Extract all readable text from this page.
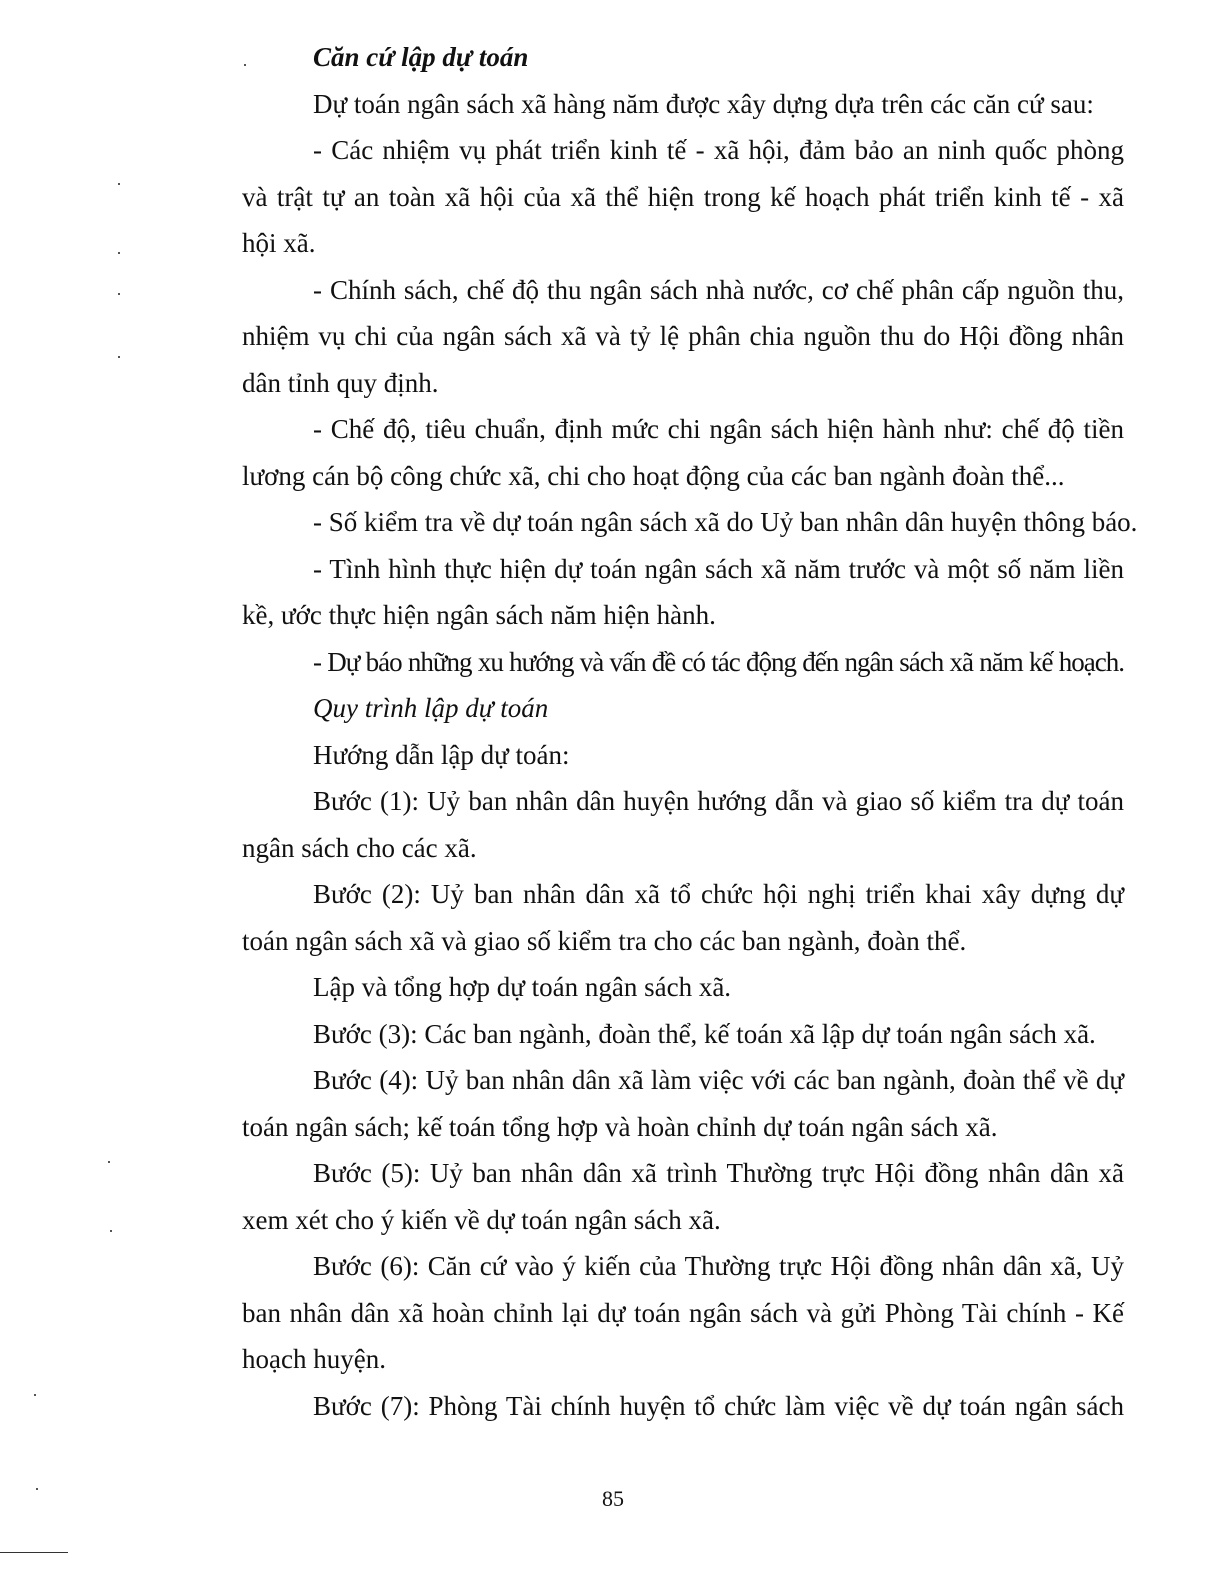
Căn cứ lập dự toán
Dự toán ngân sách xã hàng năm được xây dựng dựa trên các căn cứ sau:
- Các nhiệm vụ phát triển kinh tế - xã hội, đảm bảo an ninh quốc phòng
và trật tự an toàn xã hội của xã thể hiện trong kế hoạch phát triển kinh tế - xã
hội xã.
- Chính sách, chế độ thu ngân sách nhà nước, cơ chế phân cấp nguồn thu,
nhiệm vụ chi của ngân sách xã và tỷ lệ phân chia nguồn thu do Hội đồng nhân
dân tỉnh quy định.
- Chế độ, tiêu chuẩn, định mức chi ngân sách hiện hành như: chế độ tiền
lương cán bộ công chức xã, chi cho hoạt động của các ban ngành đoàn thể...
- Số kiểm tra về dự toán ngân sách xã do Uỷ ban nhân dân huyện thông báo.
- Tình hình thực hiện dự toán ngân sách xã năm trước và một số năm liền
kề, ước thực hiện ngân sách năm hiện hành.
- Dự báo những xu hướng và vấn đề có tác động đến ngân sách xã năm kế hoạch.
Quy trình lập dự toán
Hướng dẫn lập dự toán:
Bước (1): Uỷ ban nhân dân huyện hướng dẫn và giao số kiểm tra dự toán
ngân sách cho các xã.
Bước (2): Uỷ ban nhân dân xã tổ chức hội nghị triển khai xây dựng dự
toán ngân sách xã và giao số kiểm tra cho các ban ngành, đoàn thể.
Lập và tổng hợp dự toán ngân sách xã.
Bước (3): Các ban ngành, đoàn thể, kế toán xã lập dự toán ngân sách xã.
Bước (4): Uỷ ban nhân dân xã làm việc với các ban ngành, đoàn thể về dự
toán ngân sách; kế toán tổng hợp và hoàn chỉnh dự toán ngân sách xã.
Bước (5): Uỷ ban nhân dân xã trình Thường trực Hội đồng nhân dân xã
xem xét cho ý kiến về dự toán ngân sách xã.
Bước (6): Căn cứ vào ý kiến của Thường trực Hội đồng nhân dân xã, Uỷ
ban nhân dân xã hoàn chỉnh lại dự toán ngân sách và gửi Phòng Tài chính - Kế
hoạch huyện.
Bước (7): Phòng Tài chính huyện tổ chức làm việc về dự toán ngân sách
85
